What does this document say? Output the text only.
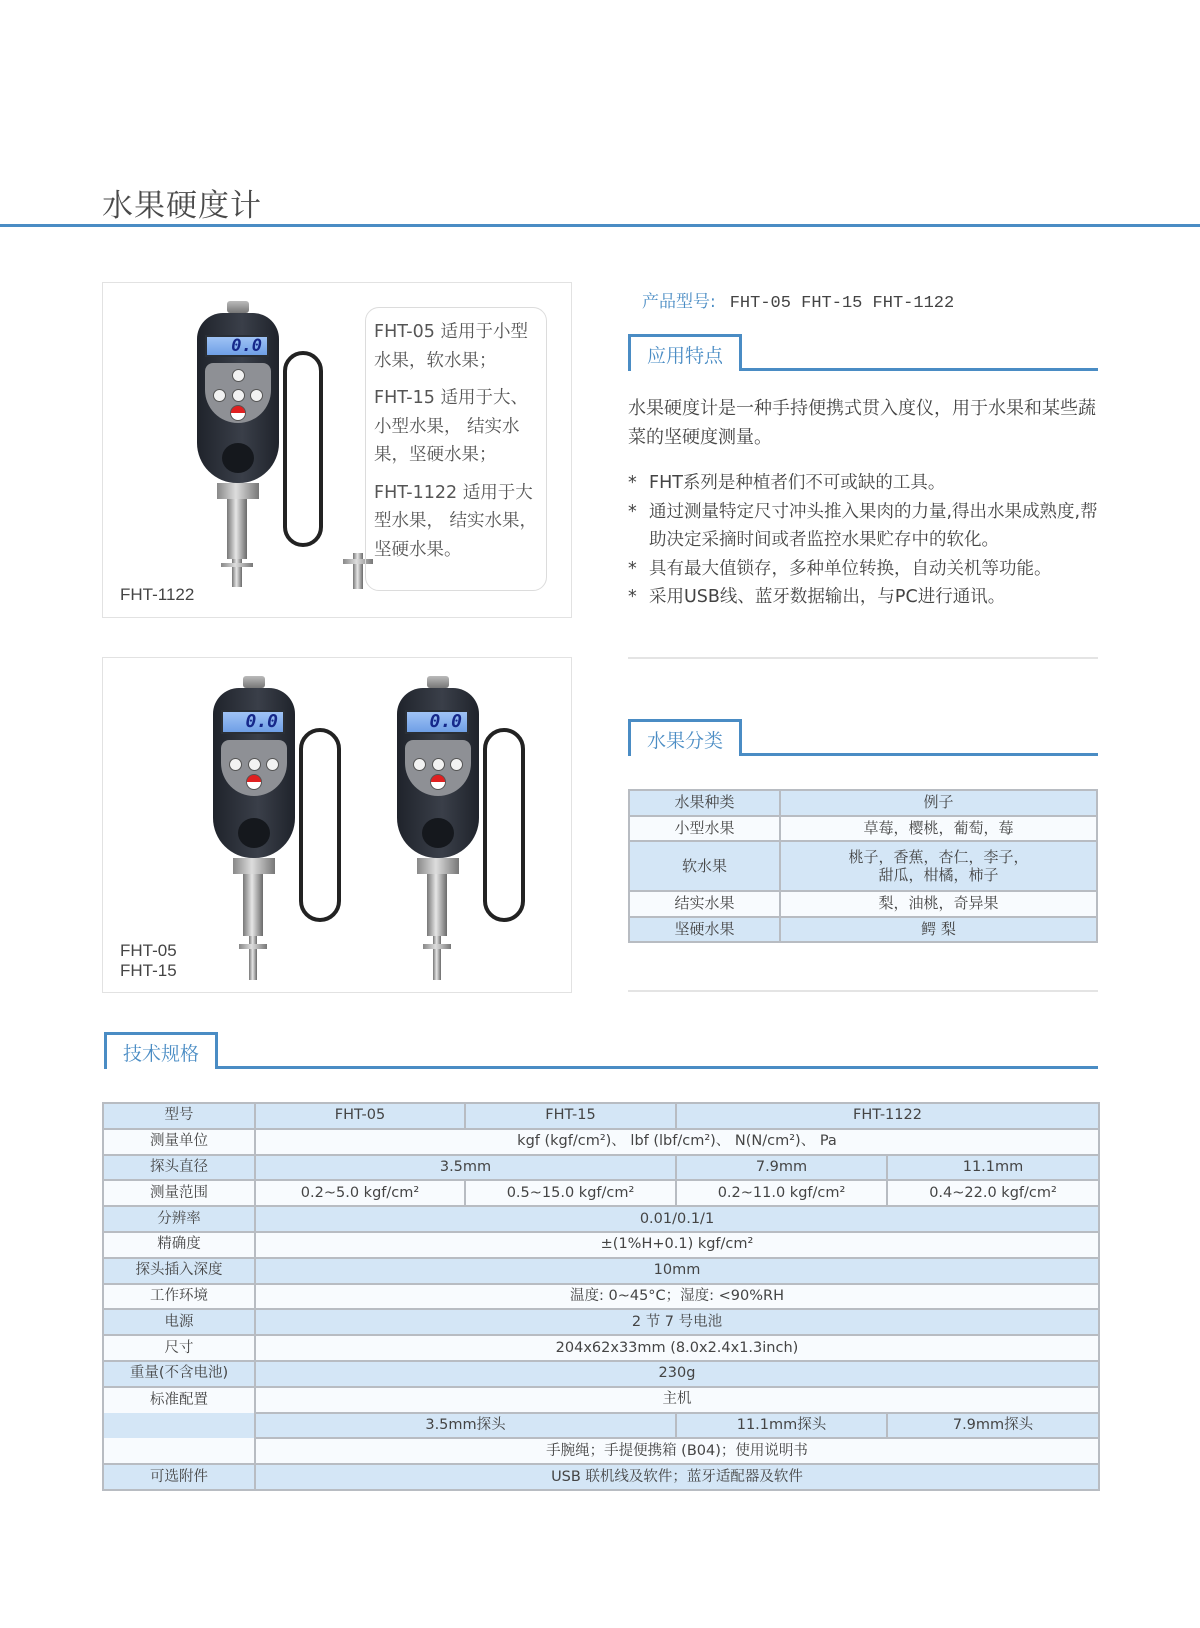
水果硬度计
0.0
FHT-1122

FHT-05 适用于小型水果，软水果；

FHT-15 适用于大、小型水果， 结实水果，坚硬水果；

FHT-1122 适用于大型水果， 结实水果，坚硬水果。

0.0	0.0
FHT-05
FHT-15
产品型号: FHT-05 FHT-15 FHT-1122
应用特点
水果硬度计是一种手持便携式贯入度仪，用于水果和某些蔬菜的坚硬度测量。
* FHT系列是种植者们不可或缺的工具。
* 通过测量特定尺寸冲头推入果肉的力量,得出水果成熟度,帮助决定采摘时间或者监控水果贮存中的软化。
* 具有最大值锁存，多种单位转换，自动关机等功能。
* 采用USB线、蓝牙数据输出，与PC进行通讯。
水果分类
水果种类	例子
小型水果	草莓，樱桃，葡萄，莓
软水果	桃子，香蕉，杏仁，李子，
甜瓜，柑橘，柿子

结实水果	梨，油桃，奇异果
坚硬水果	鳄 梨
技术规格
型号	FHT-05	FHT-15	FHT-1122	
测量单位	kgf (kgf/cm²)、 lbf (lbf/cm²)、 N(N/cm²)、 Pa			
探头直径	3.5mm		7.9mm	11.1mm
测量范围	0.2~5.0 kgf/cm²	0.5~15.0 kgf/cm²	0.2~11.0 kgf/cm²	0.4~22.0 kgf/cm²
分辨率	0.01/0.1/1			
精确度	±(1%H+0.1) kgf/cm²			
探头插入深度	10mm			
工作环境	温度: 0~45°C；湿度: <90%RH			
电源	2 节 7 号电池			
尺寸	204x62x33mm (8.0x2.4x1.3inch)			
重量(不含电池)	230g			
标准配置	主机			
	3.5mm探头		11.1mm探头	7.9mm探头
	手腕绳；手提便携箱 (B04)；使用说明书			
可选附件	USB 联机线及软件；蓝牙适配器及软件			
